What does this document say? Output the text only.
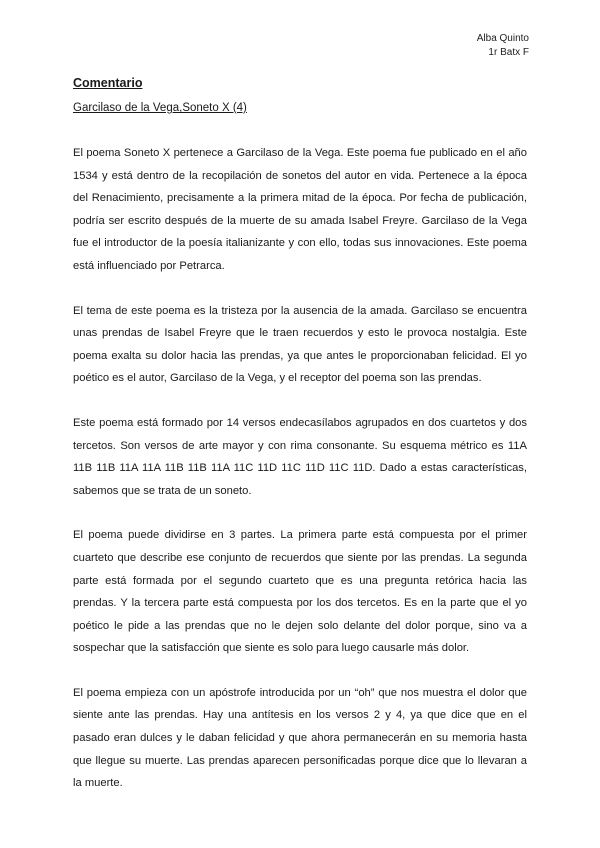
Alba Quinto
1r Batx F
Comentario
Garcilaso de la Vega,Soneto X (4)

El poema Soneto X pertenece a Garcilaso de la Vega. Este poema fue publicado en el año 1534 y está dentro de la recopilación de sonetos del autor en vida. Pertenece a la época del Renacimiento, precisamente a la primera mitad de la época. Por fecha de publicación, podría ser escrito después de la muerte de su amada Isabel Freyre. Garcilaso de la Vega fue el introductor de la poesía italianizante y con ello, todas sus innovaciones. Este poema está influenciado por Petrarca.

El tema de este poema es la tristeza por la ausencia de la amada. Garcilaso se encuentra unas prendas de Isabel Freyre que le traen recuerdos y esto le provoca nostalgia. Este poema exalta su dolor hacia las prendas, ya que antes le proporcionaban felicidad. El yo poético es el autor, Garcilaso de la Vega, y el receptor del poema son las prendas.

Este poema está formado por 14 versos endecasílabos agrupados en dos cuartetos y dos tercetos. Son versos de arte mayor y con rima consonante. Su esquema métrico es 11A 11B 11B 11A 11A 11B 11B 11A 11C 11D 11C 11D 11C 11D. Dado a estas características, sabemos que se trata de un soneto.

El poema puede dividirse en 3 partes. La primera parte está compuesta por el primer cuarteto que describe ese conjunto de recuerdos que siente por las prendas. La segunda parte está formada por el segundo cuarteto que es una pregunta retórica hacia las prendas. Y la tercera parte está compuesta por los dos tercetos. Es en la parte que el yo poético le pide a las prendas que no le dejen solo delante del dolor porque, sino va a sospechar que la satisfacción que siente es solo para luego causarle más dolor.

El poema empieza con un apóstrofe introducida por un “oh” que nos muestra el dolor que siente ante las prendas. Hay una antítesis en los versos 2 y 4, ya que dice que en el pasado eran dulces y le daban felicidad y que ahora permanecerán en su memoria hasta que llegue su muerte. Las prendas aparecen personificadas porque dice que lo llevaran a la muerte.
